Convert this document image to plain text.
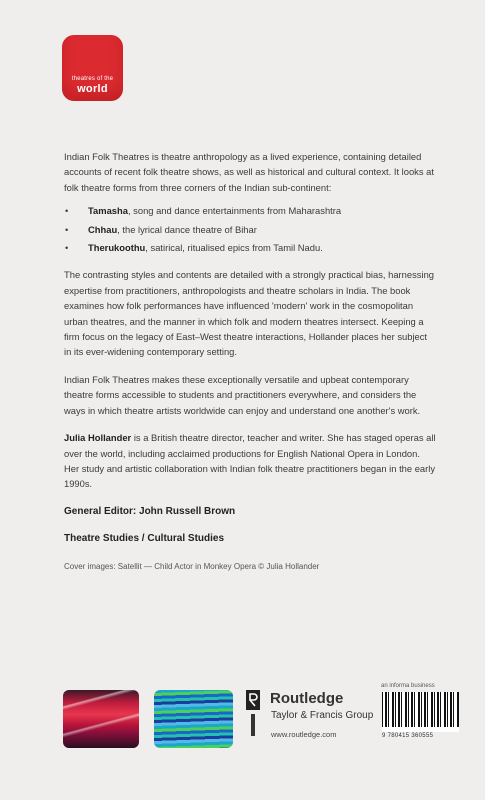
theatres of the
world

Indian Folk Theatres is theatre anthropology as a lived experience, containing detailed accounts of recent folk theatre shows, as well as historical and cultural context. It looks at folk theatre forms from three corners of the Indian sub-continent:

• Tamasha, song and dance entertainments from Maharashtra
• Chhau, the lyrical dance theatre of Bihar
• Therukoothu, satirical, ritualised epics from Tamil Nadu.

The contrasting styles and contents are detailed with a strongly practical bias, harnessing expertise from practitioners, anthropologists and theatre scholars in India. The book examines how folk performances have influenced 'modern' work in the cosmopolitan urban theatres, and the manner in which folk and modern theatres intersect. Keeping a firm focus on the legacy of East–West theatre interactions, Hollander places her subject in its ever-widening contemporary setting.

Indian Folk Theatres makes these exceptionally versatile and upbeat contemporary theatre forms accessible to students and practitioners everywhere, and considers the ways in which theatre artists worldwide can enjoy and understand one another's work.

Julia Hollander is a British theatre director, teacher and writer. She has staged operas all over the world, including acclaimed productions for English National Opera in London. Her study and artistic collaboration with Indian folk theatre practitioners began in the early 1990s.

General Editor: John Russell Brown

Theatre Studies / Cultural Studies

Cover images: Satellit — Child Actor in Monkey Opera © Julia Hollander

Routledge
Taylor & Francis Group
www.routledge.com
an informa business
9 780415 360555
